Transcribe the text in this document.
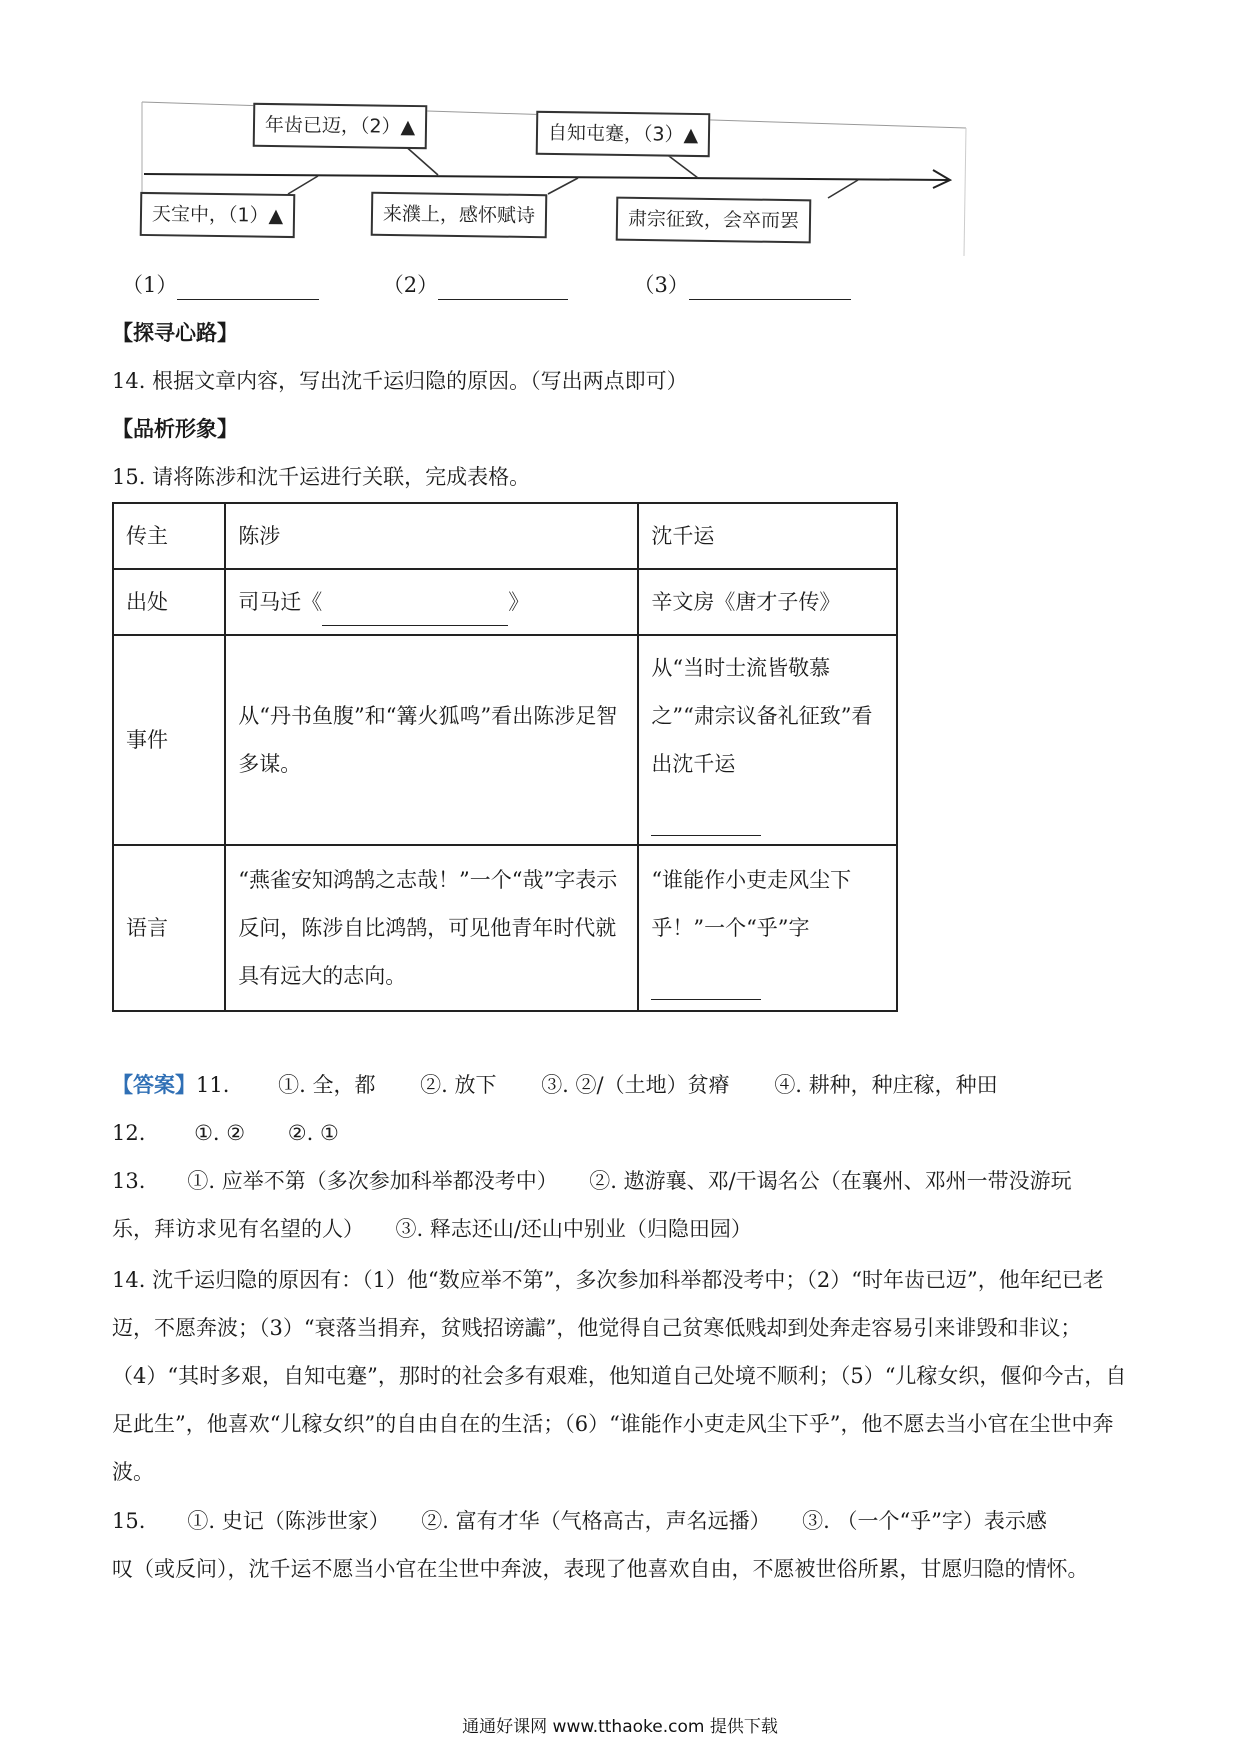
年齿已迈，（2）▲	自知屯蹇，（3）▲
天宝中，（1）▲	来濮上，感怀赋诗	肃宗征致，会卒而罢
（1）	（2）	（3）
【探寻心路】
14. 根据文章内容，写出沈千运归隐的原因。（写出两点即可）
【品析形象】
15. 请将陈涉和沈千运进行关联，完成表格。
传主	陈涉	沈千运
出处	司马迁《 》	辛文房《唐才子传》
事件	从“丹书鱼腹”和“篝火狐鸣”看出陈涉足智多谋。	从“当时士流皆敬慕之”“肃宗议备礼征致”看出沈千运

语言	“燕雀安知鸿鹄之志哉！”一个“哉”字表示反问，陈涉自比鸿鹄，可见他青年时代就具有远大的志向。	“谁能作小吏走风尘下乎！”一个“乎”字

【答案】11. ①. 全，都 ②. 放下 ③. ②/（土地）贫瘠 ④. 耕种，种庄稼，种田
12. ①. ② ②. ①
13.　　①. 应举不第（多次参加科举都没考中）　　②. 遨游襄、邓/干谒名公（在襄州、邓州一带没游玩
乐，拜访求见有名望的人）　　③. 释志还山/还山中别业（归隐田园）
14. 沈千运归隐的原因有：（1）他“数应举不第”，多次参加科举都没考中；（2）“时年齿已迈”，他年纪已老迈，不愿奔波；（3）“衰落当捐弃，贫贱招谤讟”，他觉得自己贫寒低贱却到处奔走容易引来诽毁和非议；（4）“其时多艰，自知屯蹇”，那时的社会多有艰难，他知道自己处境不顺利；（5）“儿稼女织，偃仰今古，自足此生”，他喜欢“儿稼女织”的自由自在的生活；（6）“谁能作小吏走风尘下乎”，他不愿去当小官在尘世中奔波。
15.　　①. 史记（陈涉世家）　　②. 富有才华（气格高古，声名远播）　　③. （一个“乎”字）表示感
叹（或反问），沈千运不愿当小官在尘世中奔波，表现了他喜欢自由，不愿被世俗所累，甘愿归隐的情怀。
通通好课网 www.tthaoke.com 提供下载
